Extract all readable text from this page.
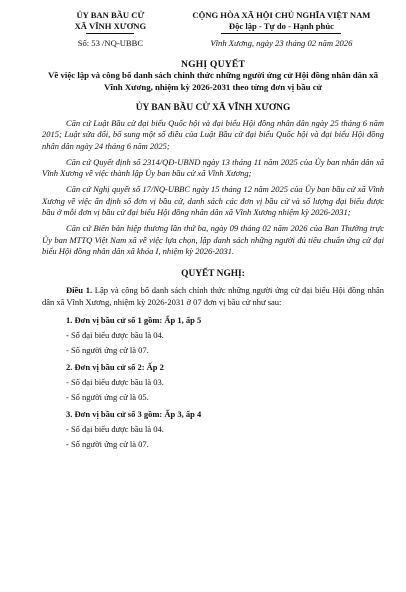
ỦY BAN BẦU CỬ
XÃ VĨNH XƯƠNG
Số: 53 /NQ-UBBC
CỘNG HÒA XÃ HỘI CHỦ NGHĨA VIỆT NAM
Độc lập - Tự do - Hạnh phúc
Vĩnh Xương, ngày 23 tháng 02 năm 2026
NGHỊ QUYẾT
Về việc lập và công bố danh sách chính thức những người ứng cử Hội đồng nhân dân xã Vĩnh Xương, nhiệm kỳ 2026-2031 theo từng đơn vị bầu cử
ỦY BAN BẦU CỬ XÃ VĨNH XƯƠNG

Căn cứ Luật Bầu cử đại biểu Quốc hội và đại biểu Hội đồng nhân dân ngày 25 tháng 6 năm 2015; Luật sửa đổi, bổ sung một số điều của Luật Bầu cử đại biểu Quốc hội và đại biểu Hội đồng nhân dân ngày 24 tháng 6 năm 2025;

Căn cứ Quyết định số 2314/QĐ-UBND ngày 13 tháng 11 năm 2025 của Ủy ban nhân dân xã Vĩnh Xương về việc thành lập Ủy ban bầu cử xã Vĩnh Xương;

Căn cứ Nghị quyết số 17/NQ-UBBC ngày 15 tháng 12 năm 2025 của Ủy ban bầu cử xã Vĩnh Xương về việc ấn định số đơn vị bầu cử, danh sách các đơn vị bầu cử và số lượng đại biểu được bầu ở mỗi đơn vị bầu cử đại biểu Hội đồng nhân dân xã Vĩnh Xương nhiệm kỳ 2026-2031;

Căn cứ Biên bản hiệp thương lần thứ ba, ngày 09 tháng 02 năm 2026 của Ban Thường trực Ủy ban MTTQ Việt Nam xã về việc lựa chọn, lập danh sách những người đủ tiêu chuẩn ứng cử đại biểu Hội đồng nhân dân xã khóa I, nhiệm kỳ 2026-2031.

QUYẾT NGHỊ:
Điều 1. Lập và công bố danh sách chính thức những người ứng cử đại biểu Hội đồng nhân dân xã Vĩnh Xương, nhiệm kỳ 2026-2031 ở 07 đơn vị bầu cử như sau:
1. Đơn vị bầu cử số 1 gồm: Ấp 1, ấp 5
- Số đại biểu được bầu là 04.
- Số người ứng cử là 07.
2. Đơn vị bầu cử số 2: Ấp 2
- Số đại biểu được bầu là 03.
- Số người ứng cử là 05.
3. Đơn vị bầu cử số 3 gồm: Ấp 3, ấp 4
- Số đại biểu được bầu là 04.
- Số người ứng cử là 07.
